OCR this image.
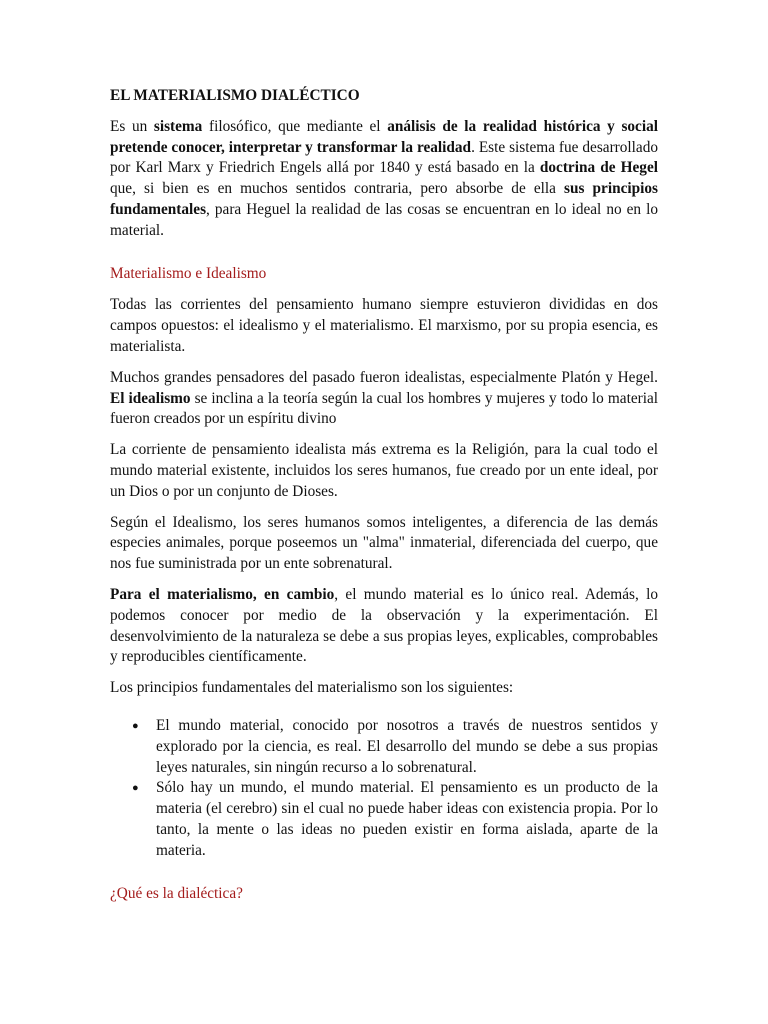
EL MATERIALISMO DIALÉCTICO

Es un sistema filosófico, que mediante el análisis de la realidad histórica y social pretende conocer, interpretar y transformar la realidad. Este sistema fue desarrollado por Karl Marx y Friedrich Engels allá por 1840 y está basado en la doctrina de Hegel que, si bien es en muchos sentidos contraria, pero absorbe de ella sus principios fundamentales, para Heguel la realidad de las cosas se encuentran en lo ideal no en lo material.

Materialismo e Idealismo

Todas las corrientes del pensamiento humano siempre estuvieron divididas en dos campos opuestos: el idealismo y el materialismo. El marxismo, por su propia esencia, es materialista.

Muchos grandes pensadores del pasado fueron idealistas, especialmente Platón y Hegel. El idealismo se inclina a la teoría según la cual los hombres y mujeres y todo lo material fueron creados por un espíritu divino

La corriente de pensamiento idealista más extrema es la Religión, para la cual todo el mundo material existente, incluidos los seres humanos, fue creado por un ente ideal, por un Dios o por un conjunto de Dioses.

Según el Idealismo, los seres humanos somos inteligentes, a diferencia de las demás especies animales, porque poseemos un "alma" inmaterial, diferenciada del cuerpo, que nos fue suministrada por un ente sobrenatural.

Para el materialismo, en cambio, el mundo material es lo único real. Además, lo podemos conocer por medio de la observación y la experimentación. El desenvolvimiento de la naturaleza se debe a sus propias leyes, explicables, comprobables y reproducibles científicamente.

Los principios fundamentales del materialismo son los siguientes:

● El mundo material, conocido por nosotros a través de nuestros sentidos y explorado por la ciencia, es real. El desarrollo del mundo se debe a sus propias leyes naturales, sin ningún recurso a lo sobrenatural.
● Sólo hay un mundo, el mundo material. El pensamiento es un producto de la materia (el cerebro) sin el cual no puede haber ideas con existencia propia. Por lo tanto, la mente o las ideas no pueden existir en forma aislada, aparte de la materia.
¿Qué es la dialéctica?
